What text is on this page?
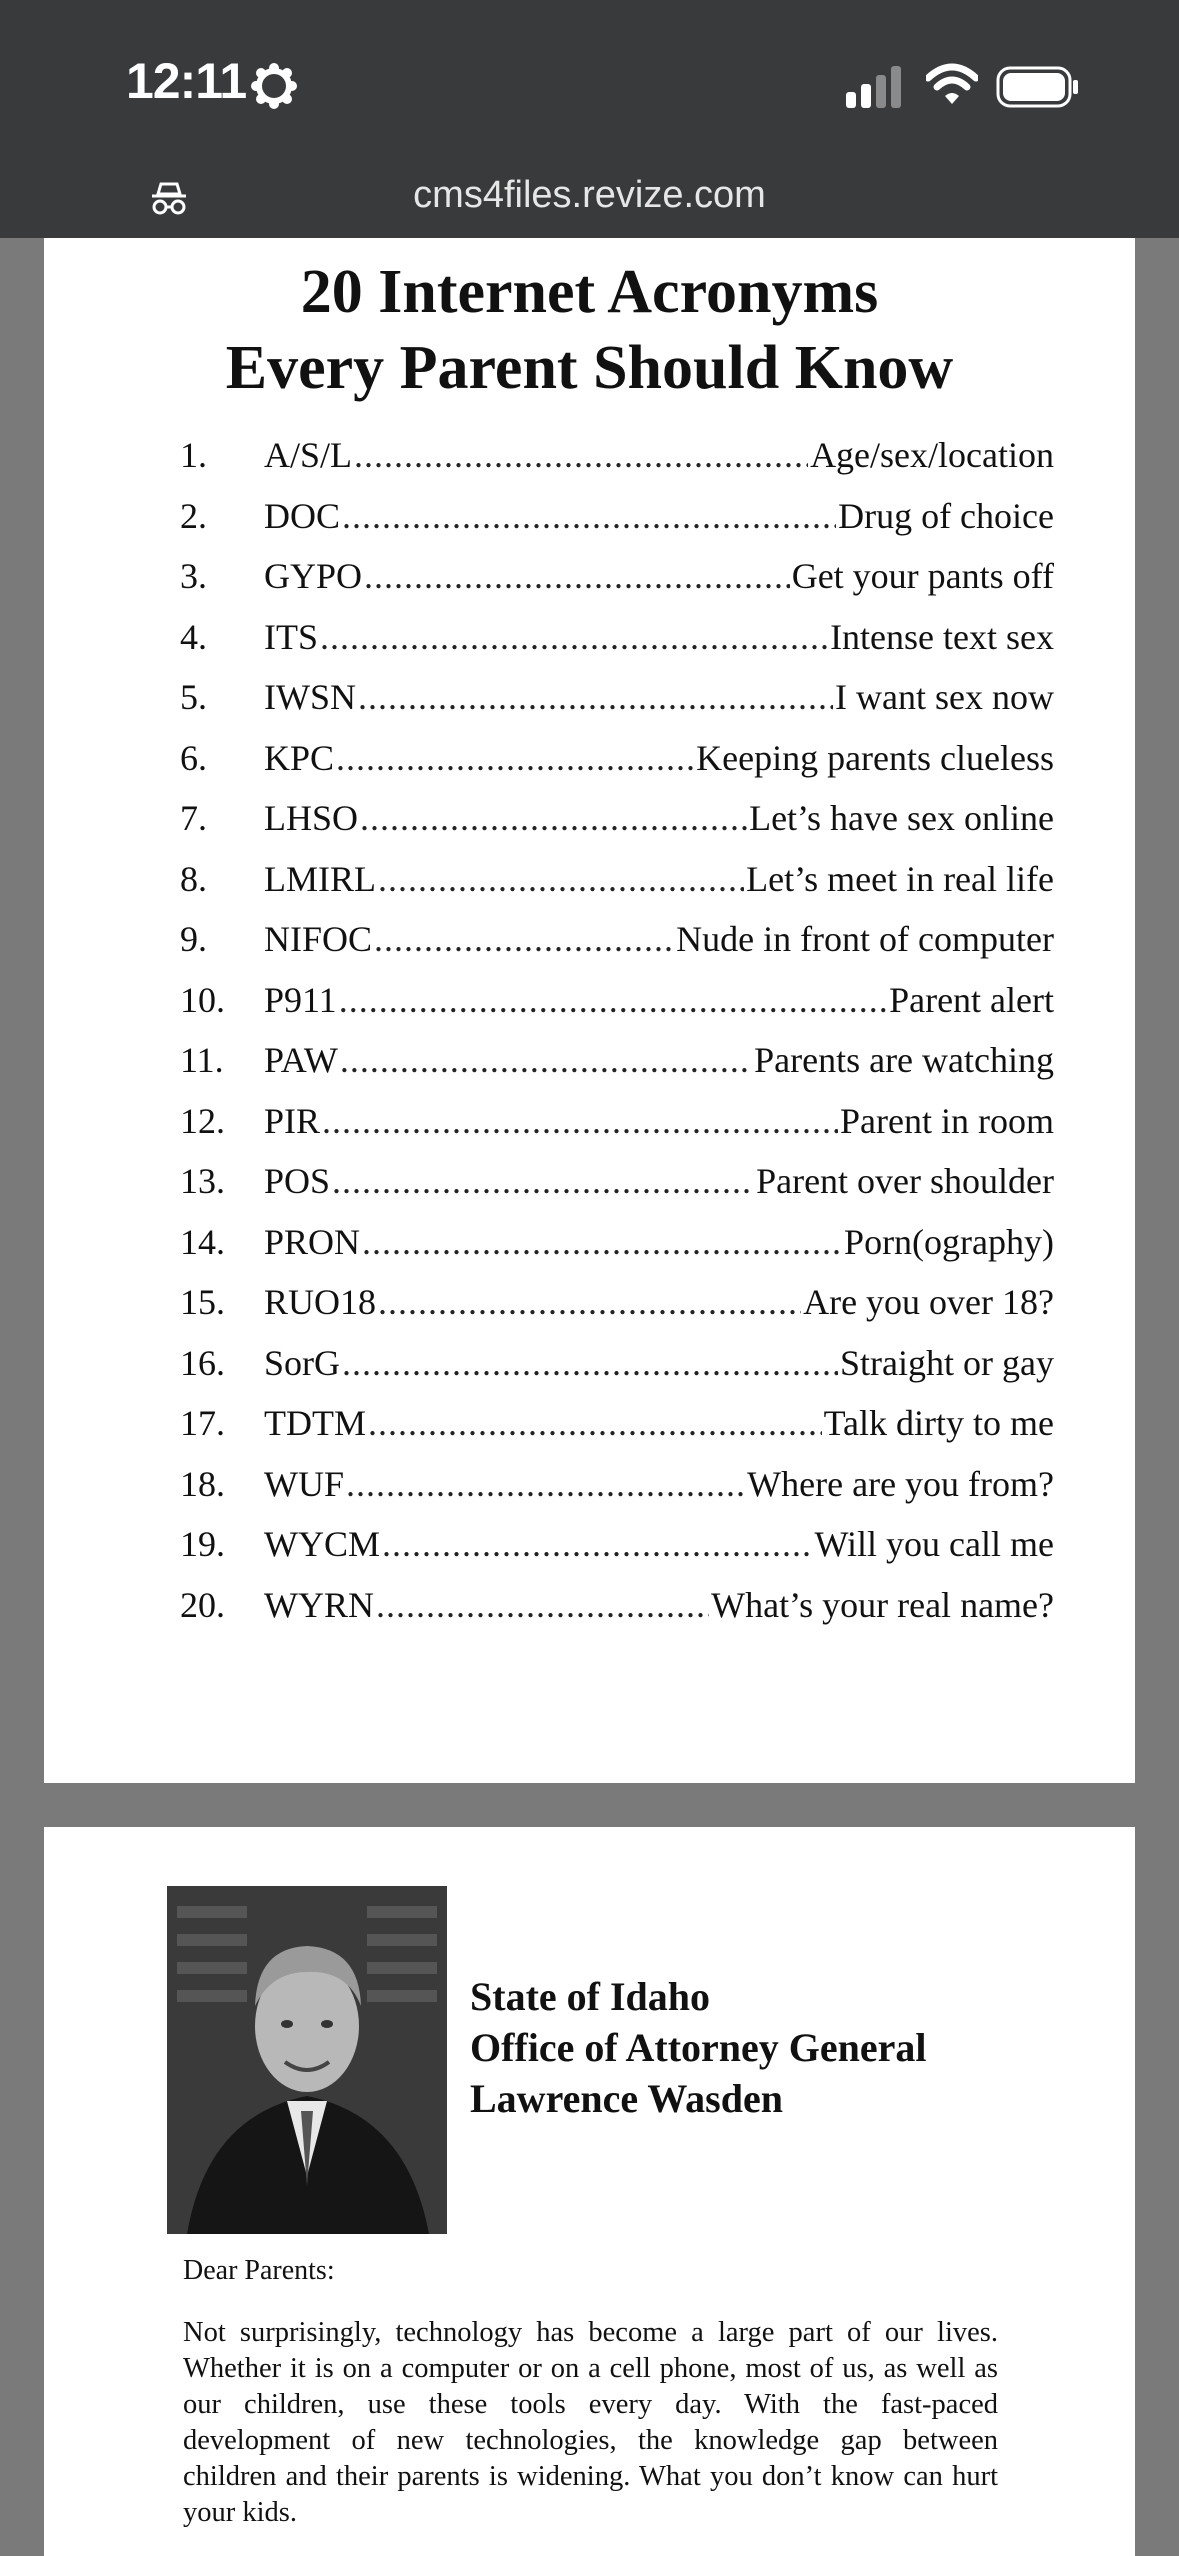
12:11
cms4files.revize.com
20 Internet Acronyms
Every Parent Should Know
1. A/S/L .....	Age/sex/location
2. DOC .....	Drug of choice
3. GYPO .....	Get your pants off
4. ITS .....	Intense text sex
5. IWSN .....	I want sex now
6. KPC .....	Keeping parents clueless
7. LHSO .....	Let’s have sex online
8. LMIRL .....	Let’s meet in real life
9. NIFOC .....	Nude in front of computer
10. P911 .....	Parent alert
11. PAW .....	Parents are watching
12. PIR .....	Parent in room
13. POS .....	Parent over shoulder
14. PRON .....	Porn(ography)
15. RUO18 .....	Are you over 18?
16. SorG .....	Straight or gay
17. TDTM .....	Talk dirty to me
18. WUF .....	Where are you from?
19. WYCM .....	Will you call me
20. WYRN .....	What’s your real name?
State of Idaho
Office of Attorney General
Lawrence Wasden
Dear Parents:
Not surprisingly, technology has become a large part of our lives. Whether it is on a computer or on a cell phone, most of us, as well as our children, use these tools every day. With the fast-paced development of new technologies, the knowledge gap between children and their parents is widening. What you don’t know can hurt your kids.
